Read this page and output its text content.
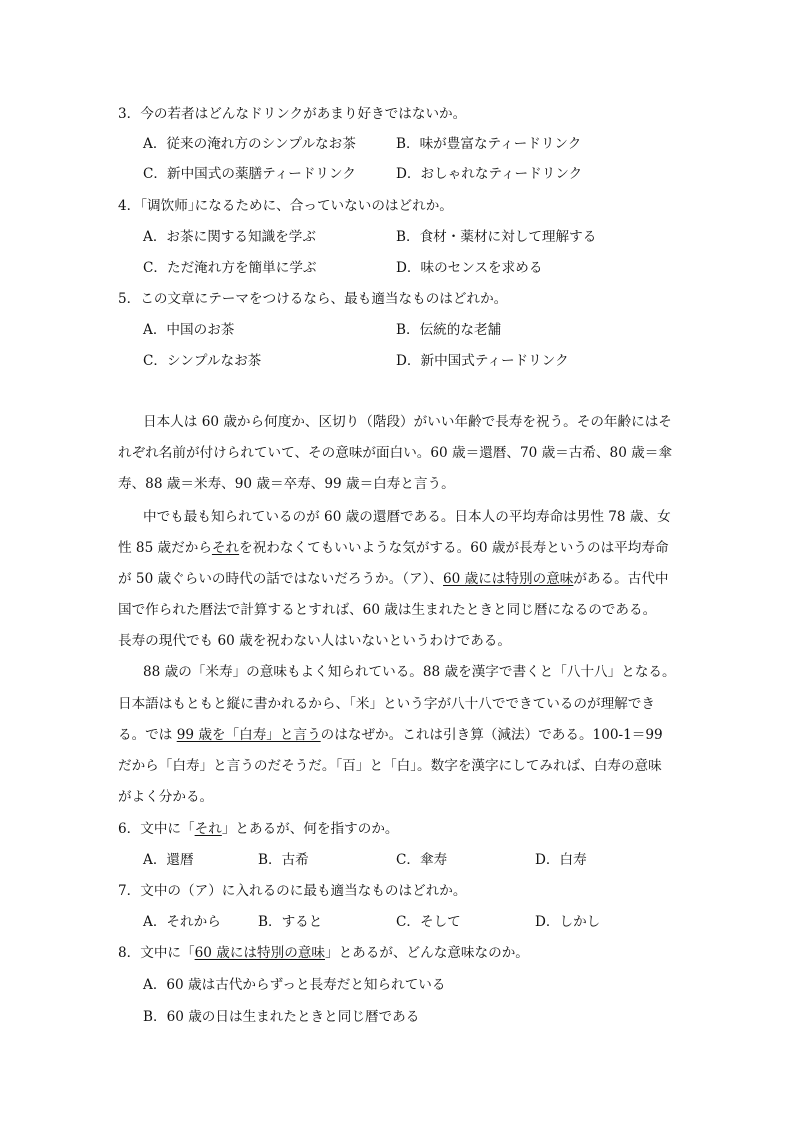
3．今の若者はどんなドリンクがあまり好きではないか。
A．従来の淹れ方のシンプルなお茶	B．味が豊富なティードリンク
C．新中国式の薬膳ティードリンク	D．おしゃれなティードリンク
4．｢调饮师｣になるために、合っていないのはどれか。
A．お茶に関する知識を学ぶ	B．食材・薬材に対して理解する
C．ただ淹れ方を簡単に学ぶ	D．味のセンスを求める
5．この文章にテーマをつけるなら、最も適当なものはどれか。
A．中国のお茶	B．伝統的な老舗
C．シンプルなお茶	D．新中国式ティードリンク
日本人は 60 歳から何度か、区切り（階段）がいい年齢で長寿を祝う。その年齢にはそ
れぞれ名前が付けられていて、その意味が面白い。60 歳＝還暦、70 歳＝古希、80 歳＝傘
寿、88 歳＝米寿、90 歳＝卒寿、99 歳＝白寿と言う。
中でも最も知られているのが 60 歳の還暦である。日本人の平均寿命は男性 78 歳、女
性 85 歳だからそれを祝わなくてもいいような気がする。60 歳が長寿というのは平均寿命
が 50 歳ぐらいの時代の話ではないだろうか。（ア）、60 歳には特別の意味がある。古代中
国で作られた暦法で計算するとすれば、60 歳は生まれたときと同じ暦になるのである。
長寿の現代でも 60 歳を祝わない人はいないというわけである。
88 歳の「米寿」の意味もよく知られている。88 歳を漢字で書くと「八十八」となる。
日本語はもともと縦に書かれるから、「米」という字が八十八でできているのが理解でき
る。では 99 歳を「白寿」と言うのはなぜか。これは引き算（減法）である。100-1＝99
だから「白寿」と言うのだそうだ。「百」と「白」。数字を漢字にしてみれば、白寿の意味
がよく分かる。
6．文中に「それ」とあるが、何を指すのか。
A．還暦	B．古希	C．傘寿	D．白寿
7．文中の（ア）に入れるのに最も適当なものはどれか。
A．それから	B．すると	C．そして	D．しかし
8．文中に「60 歳には特別の意味」とあるが、どんな意味なのか。
A．60 歳は古代からずっと長寿だと知られている
B．60 歳の日は生まれたときと同じ暦である
